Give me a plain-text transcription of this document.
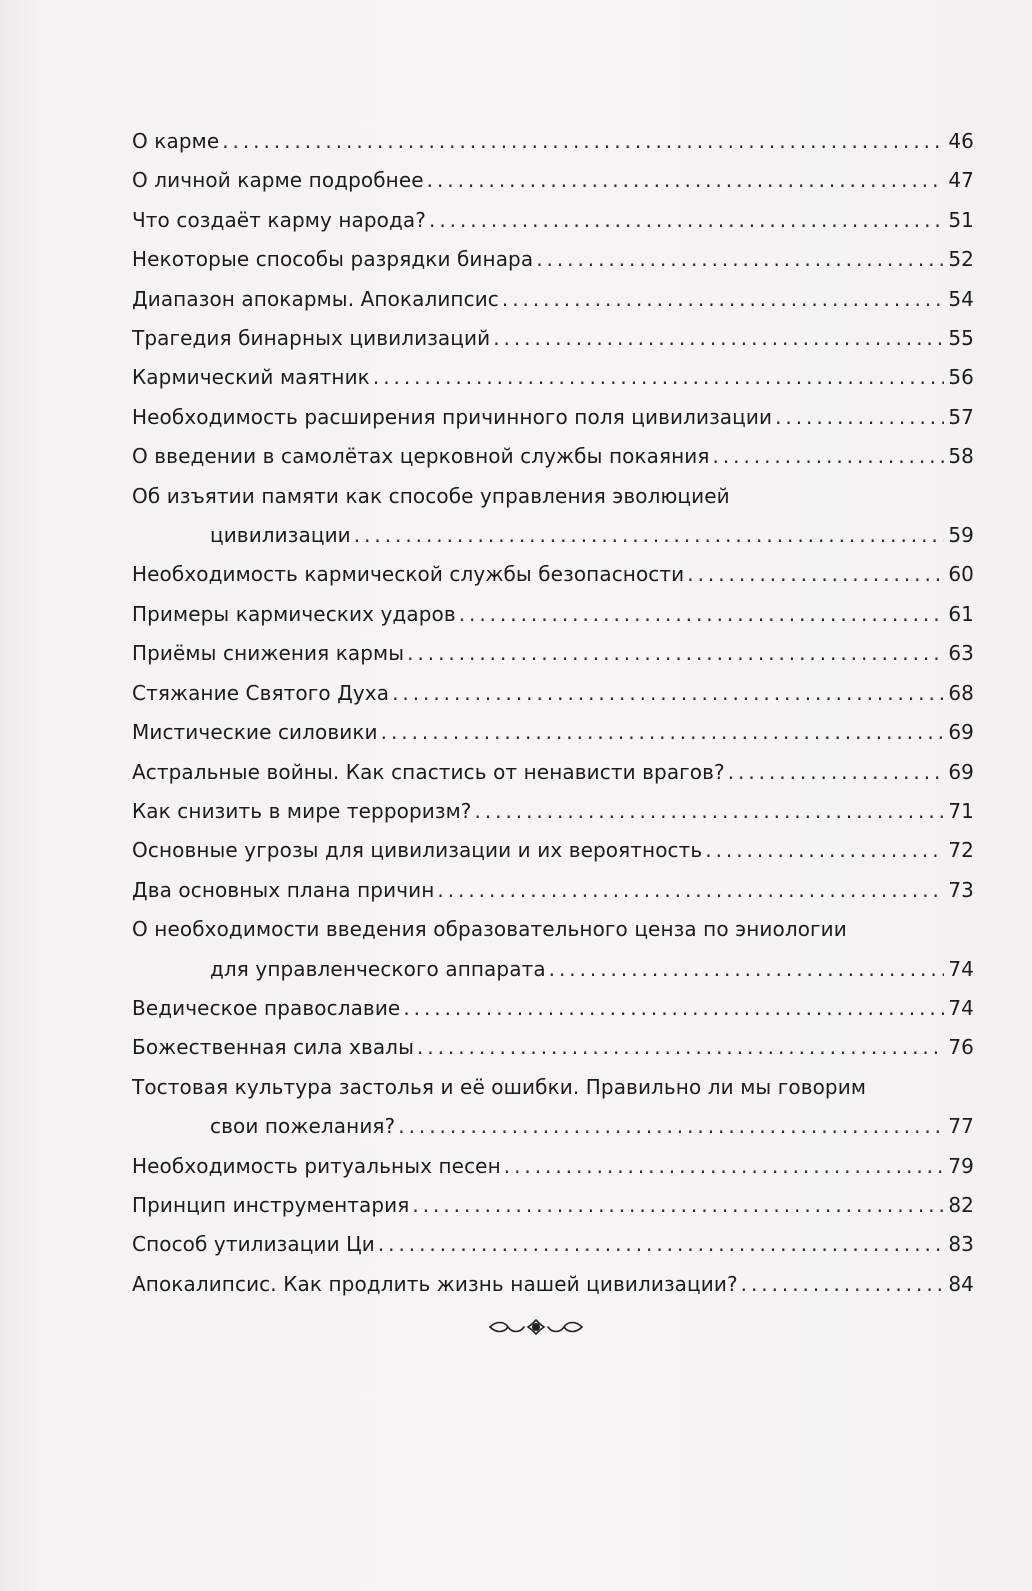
О карме . . .	46
О личной карме подробнее . . .	47
Что создаёт карму народа? . . .	51
Некоторые способы разрядки бинара . . .	52
Диапазон апокармы. Апокалипсис . . .	54
Трагедия бинарных цивилизаций . . .	55
Кармический маятник . . .	56
Необходимость расширения причинного поля цивилизации . . .	57
О введении в самолётах церковной службы покаяния . . .	58
Об изъятии памяти как способе управления эволюцией
цивилизации . . .	59
Необходимость кармической службы безопасности . . .	60
Примеры кармических ударов . . .	61
Приёмы снижения кармы . . .	63
Стяжание Святого Духа . . .	68
Мистические силовики . . .	69
Астральные войны. Как спастись от ненависти врагов? . . .	69
Как снизить в мире терроризм? . . .	71
Основные угрозы для цивилизации и их вероятность . . .	72
Два основных плана причин . . .	73
О необходимости введения образовательного ценза по эниологии
для управленческого аппарата . . .	74
Ведическое православие . . .	74
Божественная сила хвалы . . .	76
Тостовая культура застолья и её ошибки. Правильно ли мы говорим
свои пожелания? . . .	77
Необходимость ритуальных песен . . .	79
Принцип инструментария . . .	82
Способ утилизации Ци . . .	83
Апокалипсис. Как продлить жизнь нашей цивилизации? . . .	84
